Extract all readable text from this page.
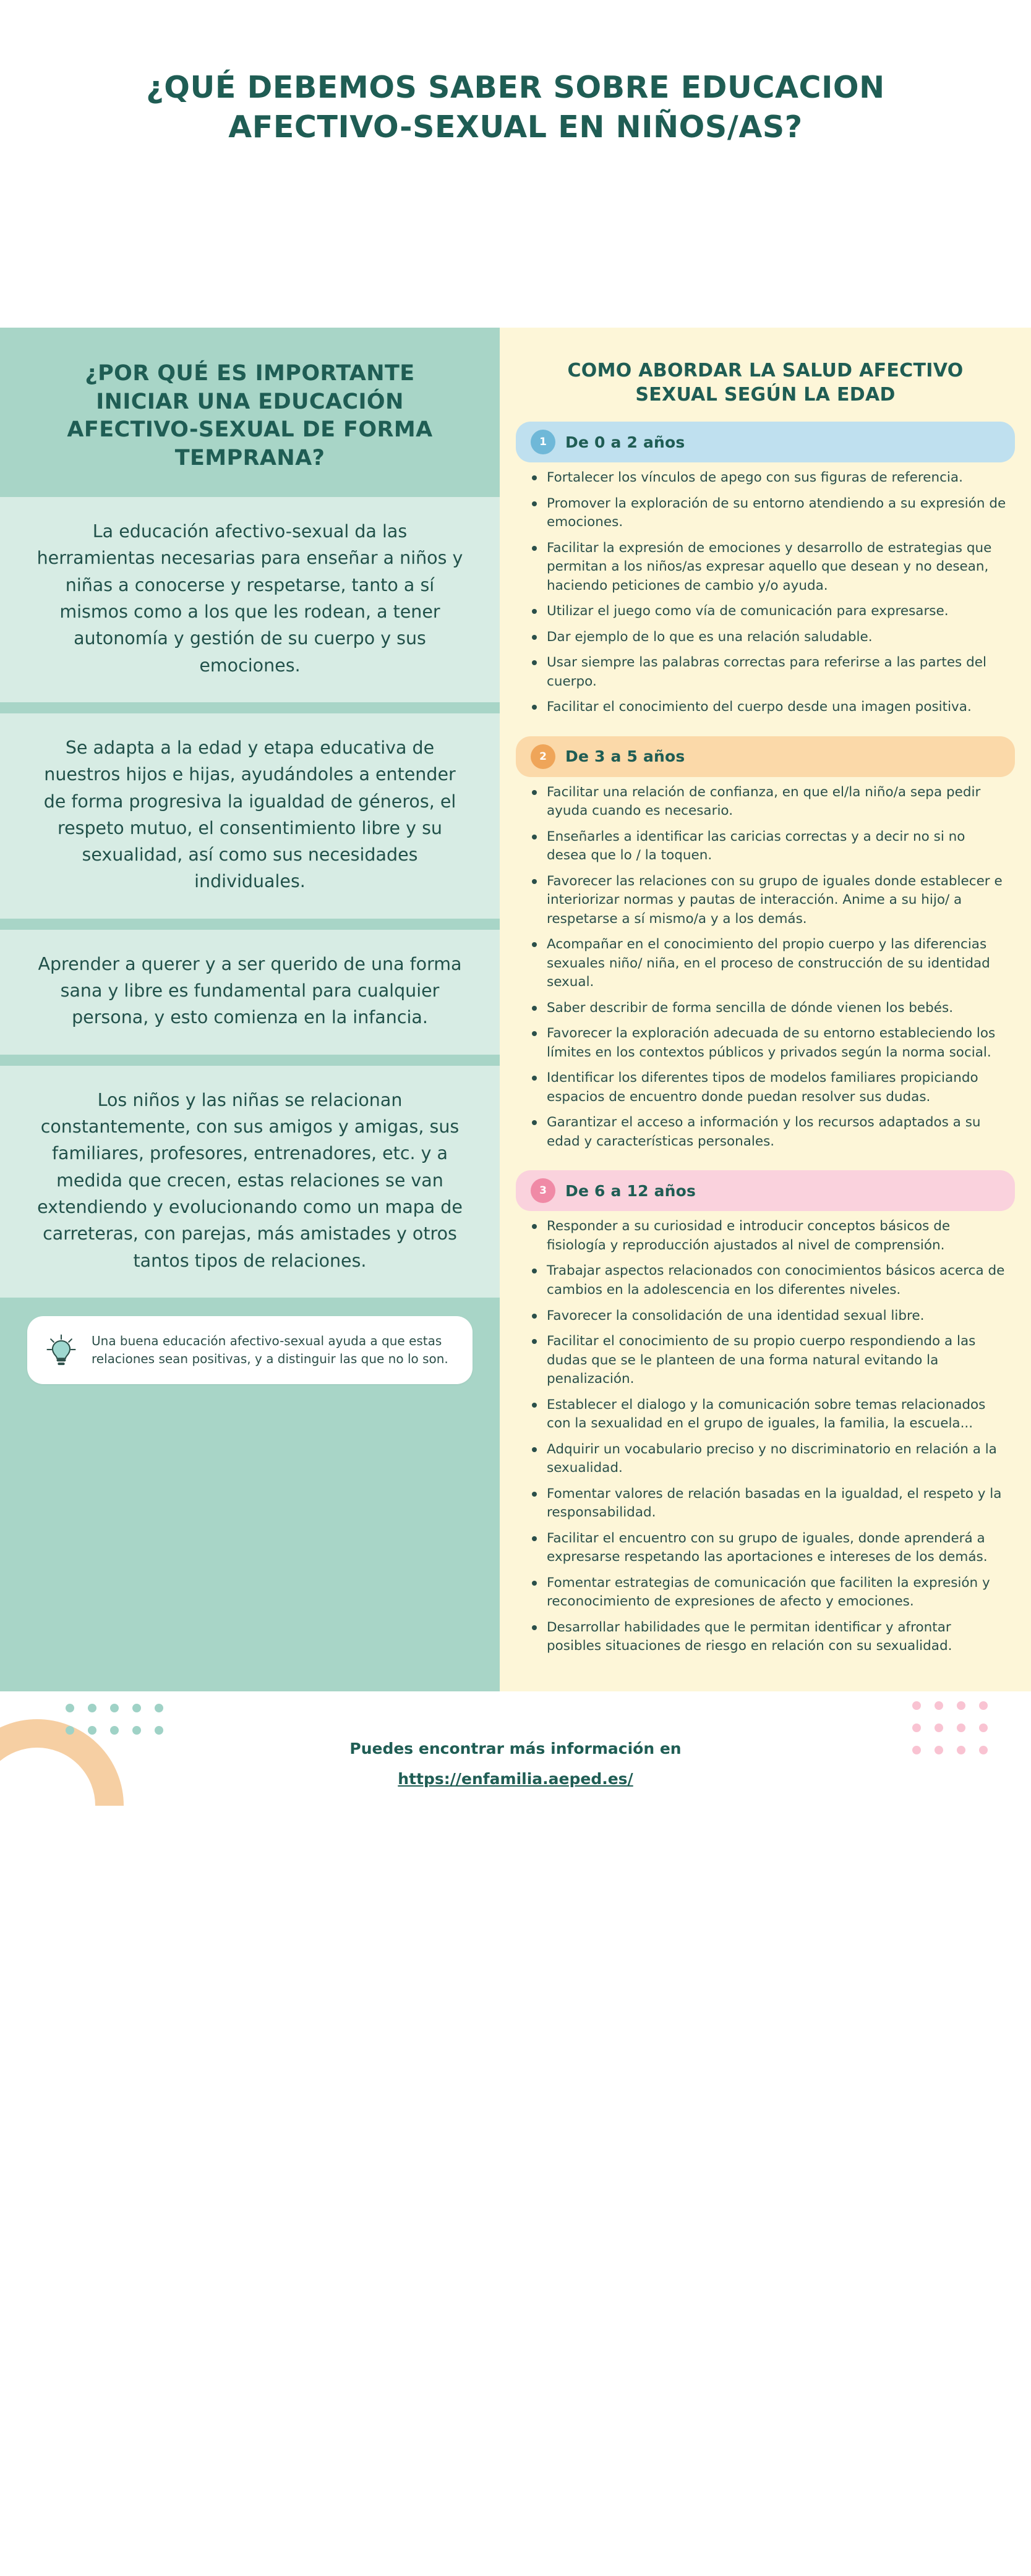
¿QUÉ DEBEMOS SABER SOBRE EDUCACION AFECTIVO-SEXUAL EN NIÑOS/AS?
¿POR QUÉ ES IMPORTANTE INICIAR UNA EDUCACIÓN AFECTIVO-SEXUAL DE FORMA TEMPRANA?
La educación afectivo-sexual da las herramientas necesarias para enseñar a niños y niñas a conocerse y respetarse, tanto a sí mismos como a los que les rodean, a tener autonomía y gestión de su cuerpo y sus emociones.
Se adapta a la edad y etapa educativa de nuestros hijos e hijas, ayudándoles a entender de forma progresiva la igualdad de géneros, el respeto mutuo, el consentimiento libre y su sexualidad, así como sus necesidades individuales.
Aprender a querer y a ser querido de una forma sana y libre es fundamental para cualquier persona, y esto comienza en la infancia.
Los niños y las niñas se relacionan constantemente, con sus amigos y amigas, sus familiares, profesores, entrenadores, etc. y a medida que crecen, estas relaciones se van extendiendo y evolucionando como un mapa de carreteras, con parejas, más amistades y otros tantos tipos de relaciones.

Una buena educación afectivo-sexual ayuda a que estas relaciones sean positivas, y a distinguir las que no lo son.

COMO ABORDAR LA SALUD AFECTIVO SEXUAL SEGÚN LA EDAD
1	De 0 a 2 años
Fortalecer los vínculos de apego con sus figuras de referencia.
Promover la exploración de su entorno atendiendo a su expresión de emociones.
Facilitar la expresión de emociones y desarrollo de estrategias que permitan a los niños/as expresar aquello que desean y no desean, haciendo peticiones de cambio y/o ayuda.
Utilizar el juego como vía de comunicación para expresarse.
Dar ejemplo de lo que es una relación saludable.
Usar siempre las palabras correctas para referirse a las partes del cuerpo.
Facilitar el conocimiento del cuerpo desde una imagen positiva.
2	De 3 a 5 años
Facilitar una relación de confianza, en que el/la niño/a sepa pedir ayuda cuando es necesario.
Enseñarles a identificar las caricias correctas y a decir no si no desea que lo / la toquen.
Favorecer las relaciones con su grupo de iguales donde establecer e interiorizar normas y pautas de interacción. Anime a su hijo/ a respetarse a sí mismo/a y a los demás.
Acompañar en el conocimiento del propio cuerpo y las diferencias sexuales niño/ niña, en el proceso de construcción de su identidad sexual.
Saber describir de forma sencilla de dónde vienen los bebés.
Favorecer la exploración adecuada de su entorno estableciendo los límites en los contextos públicos y privados según la norma social.
Identificar los diferentes tipos de modelos familiares propiciando espacios de encuentro donde puedan resolver sus dudas.
Garantizar el acceso a información y los recursos adaptados a su edad y características personales.
3	De 6 a 12 años
Responder a su curiosidad e introducir conceptos básicos de fisiología y reproducción ajustados al nivel de comprensión.
Trabajar aspectos relacionados con conocimientos básicos acerca de cambios en la adolescencia en los diferentes niveles.
Favorecer la consolidación de una identidad sexual libre.
Facilitar el conocimiento de su propio cuerpo respondiendo a las dudas que se le planteen de una forma natural evitando la penalización.
Establecer el dialogo y la comunicación sobre temas relacionados con la sexualidad en el grupo de iguales, la familia, la escuela...
Adquirir un vocabulario preciso y no discriminatorio en relación a la sexualidad.
Fomentar valores de relación basadas en la igualdad, el respeto y la responsabilidad.
Facilitar el encuentro con su grupo de iguales, donde aprenderá a expresarse respetando las aportaciones e intereses de los demás.
Fomentar estrategias de comunicación que faciliten la expresión y reconocimiento de expresiones de afecto y emociones.
Desarrollar habilidades que le permitan identificar y afrontar posibles situaciones de riesgo en relación con su sexualidad.
Puedes encontrar más información en
https://enfamilia.aeped.es/
